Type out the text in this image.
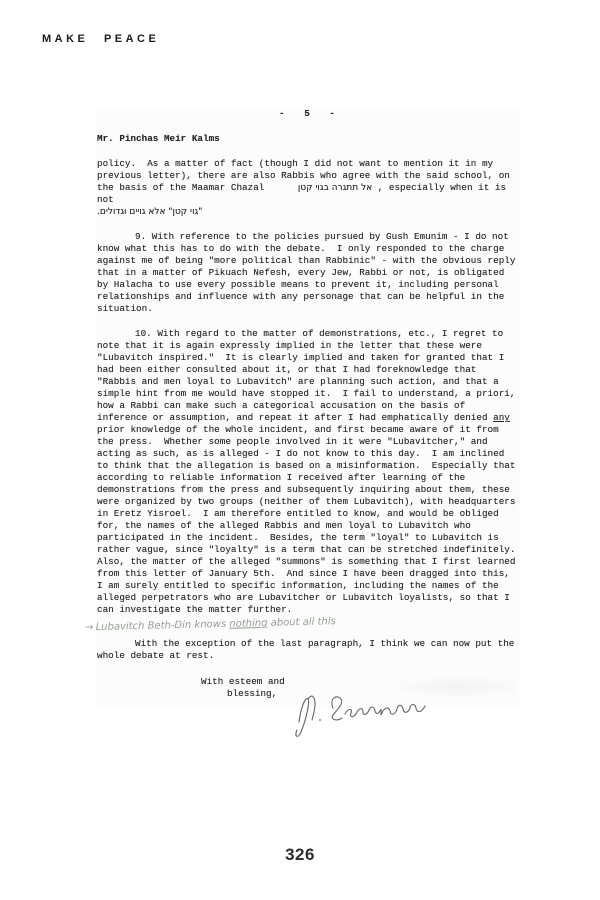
MAKE PEACE
- 5 -
Mr. Pinchas Meir Kalms
policy.  As a matter of fact (though I did not want to mention it in my previous letter), there are also Rabbis who agree with the said school, on the basis of the Maamar Chazal      אל תתגרה בגוי קטן , especially when it is not
"גוי קטן" אלא גויים וגדולים.
9. With reference to the policies pursued by Gush Emunim - I do not know what this has to do with the debate.  I only responded to the charge against me of being "more political than Rabbinic" - with the obvious reply that in a matter of Pikuach Nefesh, every Jew, Rabbi or not, is obligated by Halacha to use every possible means to prevent it, including personal relationships and influence with any personage that can be helpful in the situation.
10. With regard to the matter of demonstrations, etc., I regret to note that it is again expressly implied in the letter that these were "Lubavitch inspired."  It is clearly implied and taken for granted that I had been either consulted about it, or that I had foreknowledge that "Rabbis and men loyal to Lubavitch" are planning such action, and that a simple hint from me would have stopped it.  I fail to understand, a priori, how a Rabbi can make such a categorical accusation on the basis of inference or assumption, and repeat it after I had emphatically denied any prior knowledge of the whole incident, and first became aware of it from the press.  Whether some people involved in it were "Lubavitcher," and acting as such, as is alleged - I do not know to this day.  I am inclined to think that the allegation is based on a misinformation.  Especially that according to reliable information I received after learning of the demonstrations from the press and subsequently inquiring about them, these were organized by two groups (neither of them Lubavitch), with headquarters in Eretz Yisroel.  I am therefore entitled to know, and would be obliged for, the names of the alleged Rabbis and men loyal to Lubavitch who participated in the incident.  Besides, the term "loyal" to Lubavitch is rather vague, since "loyalty" is a term that can be stretched indefinitely.  Also, the matter of the alleged "summons" is something that I first learned from this letter of January 5th.  And since I have been dragged into this, I am surely entitled to specific information, including the names of the alleged perpetrators who are Lubavitcher or Lubavitch loyalists, so that I can investigate the matter further.
→ Lubavitch Beth-Din knows nothing about all this
With the exception of the last paragraph, I think we can now put the whole debate at rest.
With esteem and
blessing,
326
